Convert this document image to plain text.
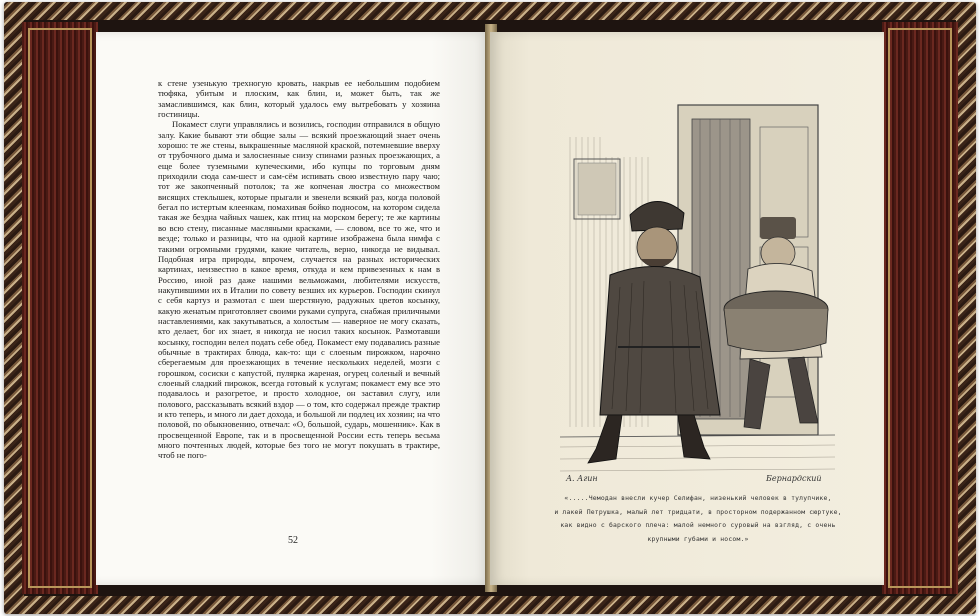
к стене узенькую трехногую кровать, накрыв ее небольшим подобием тюфяка, убитым и плоским, как блин, и, может быть, так же замаслившимся, как блин, который удалось ему вытребовать у хозяина гостиницы.

Покамест слуги управлялись и возились, господин отправился в общую залу. Какие бывают эти общие залы — всякий проезжающий знает очень хорошо: те же стены, выкрашенные масляной краской, потемневшие вверху от трубочного дыма и залосненные снизу спинами разных проезжающих, а еще более туземными купеческими, ибо купцы по торговым дням приходили сюда сам-шест и сам-сём испивать свою известную пару чаю; тот же закопченный потолок; та же копченая люстра со множеством висящих стеклышек, которые прыгали и звенели всякий раз, когда половой бегал по истертым клеенкам, помахивая бойко подносом, на котором сидела такая же бездна чайных чашек, как птиц на морском берегу; те же картины во всю стену, писанные масляными красками, — словом, все то же, что и везде; только и разницы, что на одной картине изображена была нимфа с такими огромными грудями, какие читатель, верно, никогда не видывал. Подобная игра природы, впрочем, случается на разных исторических картинах, неизвестно в какое время, откуда и кем привезенных к нам в Россию, иной раз даже нашими вельможами, любителями искусств, накупившими их в Италии по совету везших их курьеров. Господин скинул с себя картуз и размотал с шеи шерстяную, радужных цветов косынку, какую женатым приготовляет своими руками супруга, снабжая приличными наставлениями, как закутываться, а холостым — наверное не могу сказать, кто делает, бог их знает, я никогда не носил таких косынок. Размотавши косынку, господин велел подать себе обед. Покамест ему подавались разные обычные в трактирах блюда, как-то: щи с слоеным пирожком, нарочно сберегаемым для проезжающих в течение нескольких неделей, мозги с горошком, сосиски с капустой, пулярка жареная, огурец соленый и вечный слоеный сладкий пирожок, всегда готовый к услугам; покамест ему все это подавалось и разогретое, и просто холодное, он заставил слугу, или полового, рассказывать всякий вздор — о том, кто содержал прежде трактир и кто теперь, и много ли дает дохода, и большой ли подлец их хозяин; на что половой, по обыкновению, отвечал: «О, большой, сударь, мошенник». Как в просвещенной Европе, так и в просвещенной России есть теперь весьма много почтенных людей, которые без того не могут покушать в трактире, чтоб не пого-

52
А. Агин	Бернардский
«.....Чемодан внесли кучер Селифан, низенький человек в тулупчике,
и лакей Петрушка, малый лет тридцати, в просторном подержанном сюртуке,
как видно с барского плеча: малой немного суровый на взгляд, с очень
крупными губами и носом.»
